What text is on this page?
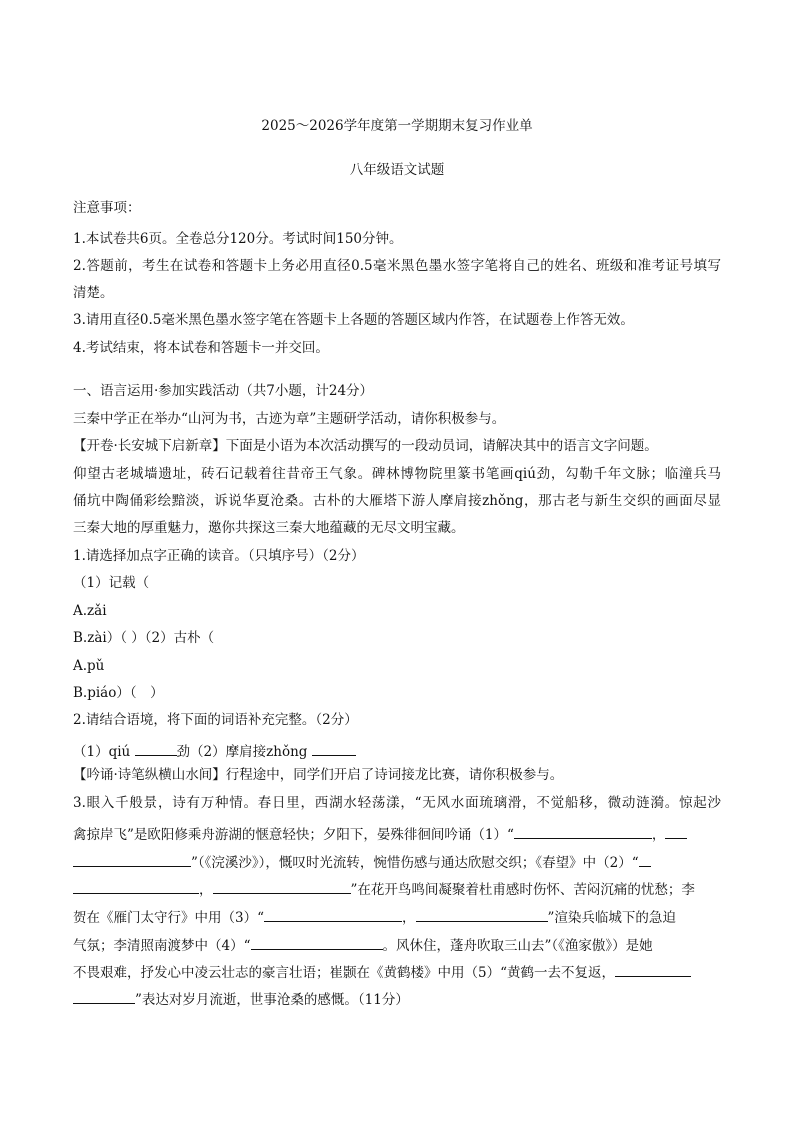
2025～2026学年度第一学期期末复习作业单
八年级语文试题
注意事项：
1.本试卷共6页。全卷总分120分。考试时间150分钟。
2.答题前，考生在试卷和答题卡上务必用直径0.5毫米黑色墨水签字笔将自己的姓名、班级和准考证号填写
清楚。
3.请用直径0.5毫米黑色墨水签字笔在答题卡上各题的答题区域内作答，在试题卷上作答无效。
4.考试结束，将本试卷和答题卡一并交回。
一、语言运用·参加实践活动（共7小题，计24分）
三秦中学正在举办“山河为书，古迹为章”主题研学活动，请你积极参与。
【开卷·长安城下启新章】下面是小语为本次活动撰写的一段动员词，请解决其中的语言文字问题。
仰望古老城墙遗址，砖石记载着往昔帝王气象。碑林博物院里篆书笔画qiú劲，勾勒千年文脉；临潼兵马
俑坑中陶俑彩绘黯淡，诉说华夏沧桑。古朴的大雁塔下游人摩肩接zhǒng，那古老与新生交织的画面尽显
三秦大地的厚重魅力，邀你共探这三秦大地蕴藏的无尽文明宝藏。
1.请选择加点字正确的读音。（只填序号）（2分）
（1）记载（
A.zǎi
B.zài）（ ）（2）古朴（
A.pǔ
B.piáo）（　）
2.请结合语境，将下面的词语补充完整。（2分）
（1）qiú	劲（2）摩肩接zhǒng
【吟诵·诗笔纵横山水间】行程途中，同学们开启了诗词接龙比赛，请你积极参与。
3.眼入千般景，诗有万种情。春日里，西湖水轻荡漾，“无风水面琉璃滑，不觉船移，微动涟漪。惊起沙
禽掠岸飞”是欧阳修乘舟游湖的惬意轻快；夕阳下，晏殊徘徊间吟诵（1）“	，
”（《浣溪沙》），慨叹时光流转，惋惜伤感与通达欣慰交织；《春望》中（2）“
，	”在花开鸟鸣间凝聚着杜甫感时伤怀、苦闷沉痛的忧愁；李
贺在《雁门太守行》中用（3）“	，	”渲染兵临城下的急迫
气氛；李清照南渡梦中（4）“	。风休住，蓬舟吹取三山去”（《渔家傲》）是她
不畏艰难，抒发心中凌云壮志的豪言壮语；崔颢在《黄鹤楼》中用（5）“黄鹤一去不复返，
”表达对岁月流逝，世事沧桑的感慨。（11分）
